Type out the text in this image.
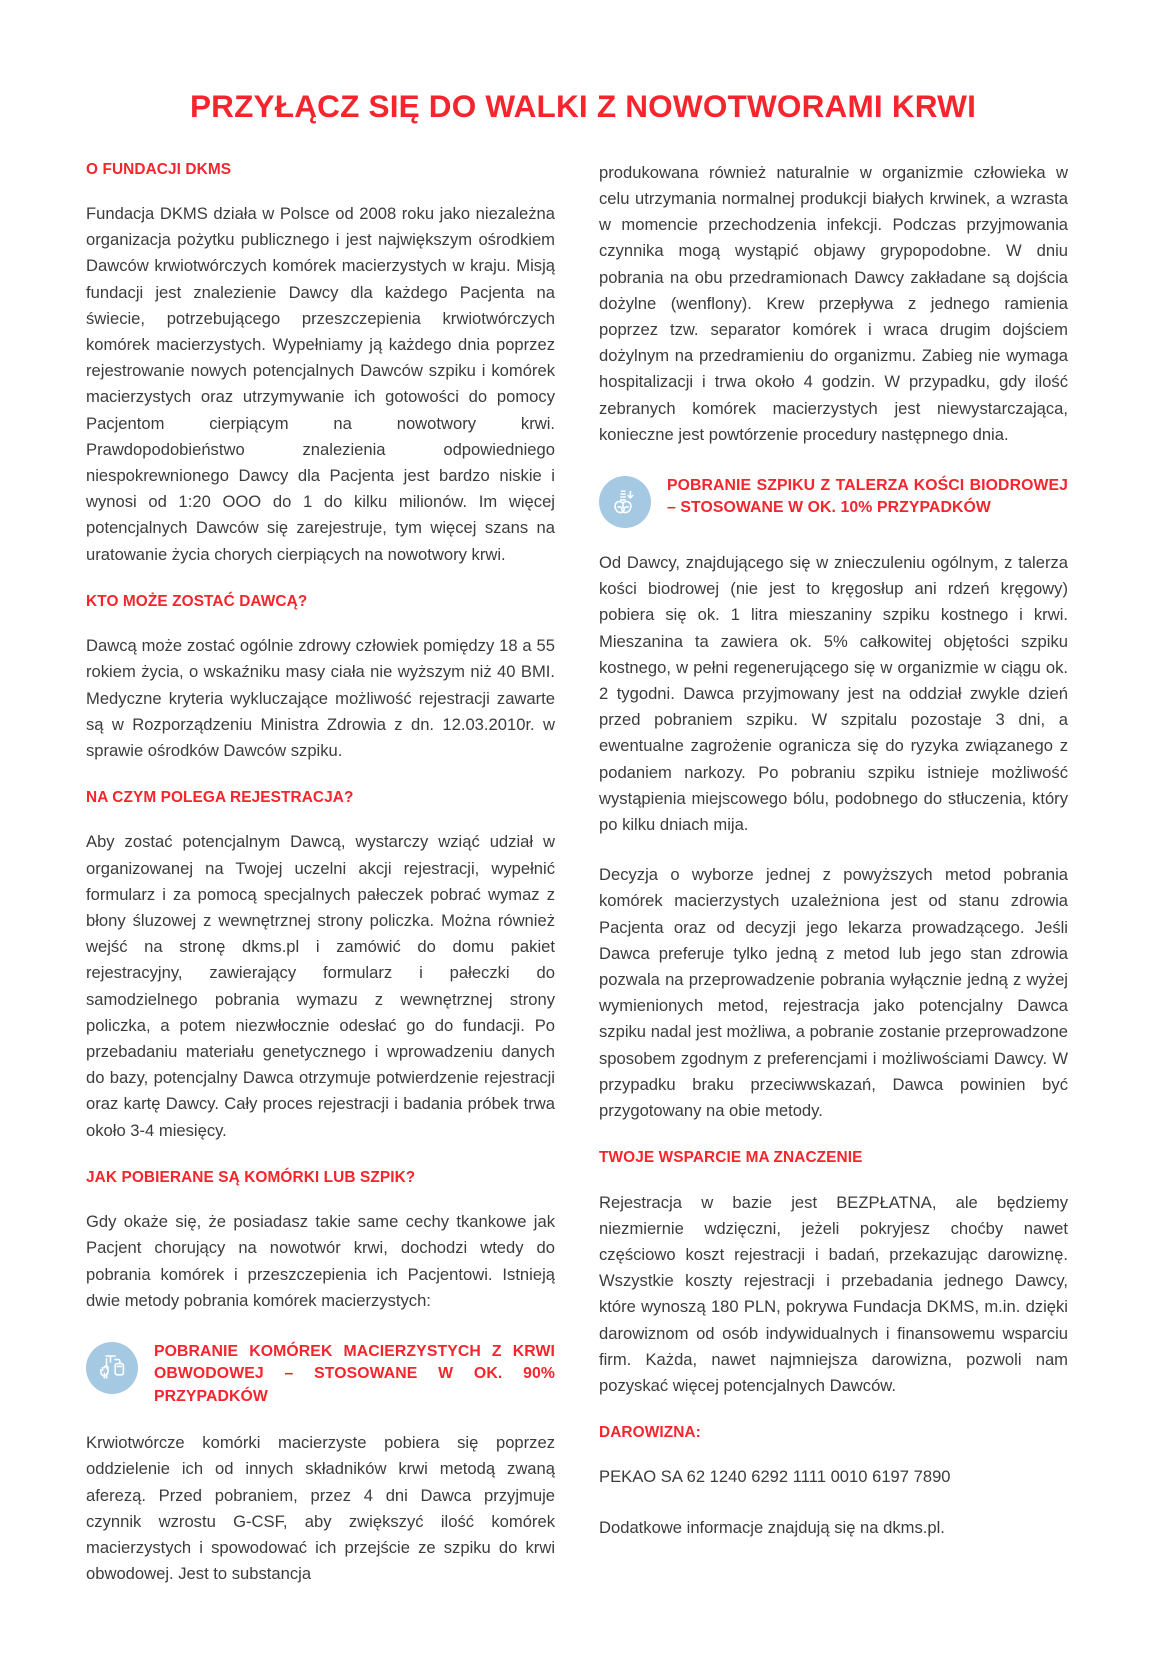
PRZYŁĄCZ SIĘ DO WALKI Z NOWOTWORAMI KRWI
O FUNDACJI DKMS

Fundacja DKMS działa w Polsce od 2008 roku jako niezależna organizacja pożytku publicznego i jest największym ośrodkiem Dawców krwiotwórczych komórek macierzystych w kraju. Misją fundacji jest znalezienie Dawcy dla każdego Pacjenta na świecie, potrzebującego przeszczepienia krwiotwórczych komórek macierzystych. Wypełniamy ją każdego dnia poprzez rejestrowanie nowych potencjalnych Dawców szpiku i komórek macierzystych oraz utrzymywanie ich gotowości do pomocy Pacjentom cierpiącym na nowotwory krwi. Prawdopodobieństwo znalezienia odpowiedniego niespokrewnionego Dawcy dla Pacjenta jest bardzo niskie i wynosi od 1:20 OOO do 1 do kilku milionów. Im więcej potencjalnych Dawców się zarejestruje, tym więcej szans na uratowanie życia chorych cierpiących na nowotwory krwi.

KTO MOŻE ZOSTAĆ DAWCĄ?

Dawcą może zostać ogólnie zdrowy człowiek pomiędzy 18 a 55 rokiem życia, o wskaźniku masy ciała nie wyższym niż 40 BMI. Medyczne kryteria wykluczające możliwość rejestracji zawarte są w Rozporządzeniu Ministra Zdrowia z dn. 12.03.2010r. w sprawie ośrodków Dawców szpiku.

NA CZYM POLEGA REJESTRACJA?

Aby zostać potencjalnym Dawcą, wystarczy wziąć udział w organizowanej na Twojej uczelni akcji rejestracji, wypełnić formularz i za pomocą specjalnych pałeczek pobrać wymaz z błony śluzowej z wewnętrznej strony policzka. Można również wejść na stronę dkms.pl i zamówić do domu pakiet rejestracyjny, zawierający formularz i pałeczki do samodzielnego pobrania wymazu z wewnętrznej strony policzka, a potem niezwłocznie odesłać go do fundacji. Po przebadaniu materiału genetycznego i wprowadzeniu danych do bazy, potencjalny Dawca otrzymuje potwierdzenie rejestracji oraz kartę Dawcy. Cały proces rejestracji i badania próbek trwa około 3-4 miesięcy.

JAK POBIERANE SĄ KOMÓRKI LUB SZPIK?

Gdy okaże się, że posiadasz takie same cechy tkankowe jak Pacjent chorujący na nowotwór krwi, dochodzi wtedy do pobrania komórek i przeszczepienia ich Pacjentowi. Istnieją dwie metody pobrania komórek macierzystych:

POBRANIE KOMÓREK MACIERZYSTYCH Z KRWI OBWODOWEJ – STOSOWANE W OK. 90% PRZYPADKÓW

Krwiotwórcze komórki macierzyste pobiera się poprzez oddzielenie ich od innych składników krwi metodą zwaną aferezą. Przed pobraniem, przez 4 dni Dawca przyjmuje czynnik wzrostu G-CSF, aby zwiększyć ilość komórek macierzystych i spowodować ich przejście ze szpiku do krwi obwodowej. Jest to substancja

produkowana również naturalnie w organizmie człowieka w celu utrzymania normalnej produkcji białych krwinek, a wzrasta w momencie przechodzenia infekcji. Podczas przyjmowania czynnika mogą wystąpić objawy grypopodobne. W dniu pobrania na obu przedramionach Dawcy zakładane są dojścia dożylne (wenflony). Krew przepływa z jednego ramienia poprzez tzw. separator komórek i wraca drugim dojściem dożylnym na przedramieniu do organizmu. Zabieg nie wymaga hospitalizacji i trwa około 4 godzin. W przypadku, gdy ilość zebranych komórek macierzystych jest niewystarczająca, konieczne jest powtórzenie procedury następnego dnia.

POBRANIE SZPIKU Z TALERZA KOŚCI BIODROWEJ – STOSOWANE W OK. 10% PRZYPADKÓW

Od Dawcy, znajdującego się w znieczuleniu ogólnym, z talerza kości biodrowej (nie jest to kręgosłup ani rdzeń kręgowy) pobiera się ok. 1 litra mieszaniny szpiku kostnego i krwi. Mieszanina ta zawiera ok. 5% całkowitej objętości szpiku kostnego, w pełni regenerującego się w organizmie w ciągu ok. 2 tygodni. Dawca przyjmowany jest na oddział zwykle dzień przed pobraniem szpiku. W szpitalu pozostaje 3 dni, a ewentualne zagrożenie ogranicza się do ryzyka związanego z podaniem narkozy. Po pobraniu szpiku istnieje możliwość wystąpienia miejscowego bólu, podobnego do stłuczenia, który po kilku dniach mija.

Decyzja o wyborze jednej z powyższych metod pobrania komórek macierzystych uzależniona jest od stanu zdrowia Pacjenta oraz od decyzji jego lekarza prowadzącego. Jeśli Dawca preferuje tylko jedną z metod lub jego stan zdrowia pozwala na przeprowadzenie pobrania wyłącznie jedną z wyżej wymienionych metod, rejestracja jako potencjalny Dawca szpiku nadal jest możliwa, a pobranie zostanie przeprowadzone sposobem zgodnym z preferencjami i możliwościami Dawcy. W przypadku braku przeciwwskazań, Dawca powinien być przygotowany na obie metody.

TWOJE WSPARCIE MA ZNACZENIE

Rejestracja w bazie jest BEZPŁATNA, ale będziemy niezmiernie wdzięczni, jeżeli pokryjesz choćby nawet częściowo koszt rejestracji i badań, przekazując darowiznę. Wszystkie koszty rejestracji i przebadania jednego Dawcy, które wynoszą 180 PLN, pokrywa Fundacja DKMS, m.in. dzięki darowiznom od osób indywidualnych i finansowemu wsparciu firm. Każda, nawet najmniejsza darowizna, pozwoli nam pozyskać więcej potencjalnych Dawców.

DAROWIZNA:

PEKAO SA 62 1240 6292 1111 0010 6197 7890

Dodatkowe informacje znajdują się na dkms.pl.
